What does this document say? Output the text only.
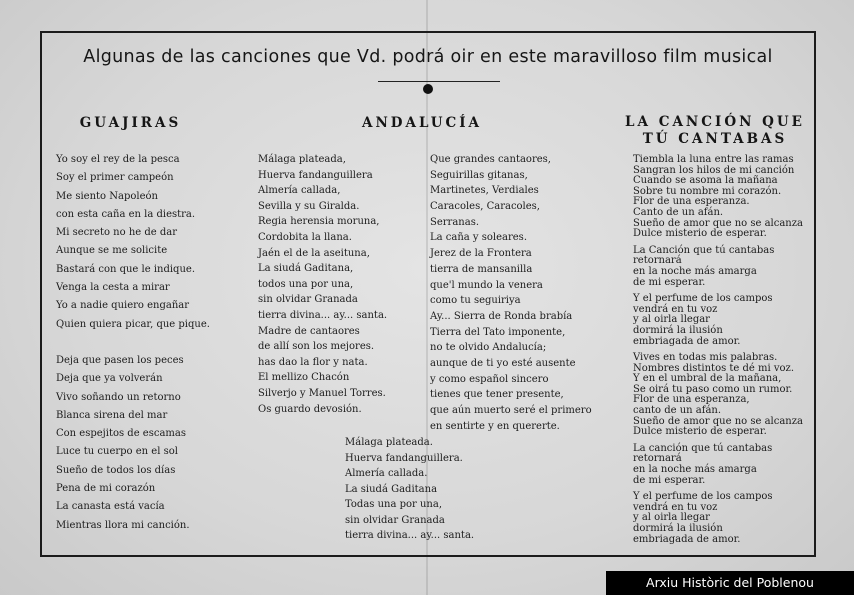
Algunas de las canciones que Vd. podrá oir en este maravilloso film musical
GUAJIRAS	ANDALUCÍA	LA CANCIÓN QUE
TÚ CANTABAS
Yo soy el rey de la pesca
Soy el primer campeón
Me siento Napoleón
con esta caña en la diestra.
Mi secreto no he de dar
Aunque se me solicite
Bastará con que le indique.
Venga la cesta a mirar
Yo a nadie quiero engañar
Quien quiera picar, que pique.
Deja que pasen los peces
Deja que ya volverán
Vivo soñando un retorno
Blanca sirena del mar
Con espejitos de escamas
Luce tu cuerpo en el sol
Sueño de todos los días
Pena de mi corazón
La canasta está vacía
Mientras llora mi canción.
Málaga plateada,
Huerva fandanguillera
Almería callada,
Sevilla y su Giralda.
Regia herensia moruna,
Cordobita la llana.
Jaén el de la aseituna,
La siudá Gaditana,
todos una por una,
sin olvidar Granada
tierra divina... ay... santa.
Madre de cantaores
de allí son los mejores.
has dao la flor y nata.
El mellizo Chacón
Silverjo y Manuel Torres.
Os guardo devosión.
Que grandes cantaores,
Seguirillas gitanas,
Martinetes, Verdiales
Caracoles, Caracoles,
Serranas.
La caña y soleares.
Jerez de la Frontera
tierra de mansanilla
que'l mundo la venera
como tu seguiriya
Ay... Sierra de Ronda brabía
Tierra del Tato imponente,
no te olvido Andalucía;
aunque de ti yo esté ausente
y como español sincero
tienes que tener presente,
que aún muerto seré el primero
en sentirte y en quererte.
Málaga plateada.
Huerva fandanguillera.
Almería callada.
La siudá Gaditana
Todas una por una,
sin olvidar Granada
tierra divina... ay... santa.
Tiembla la luna entre las ramas
Sangran los hilos de mi canción
Cuando se asoma la mañana
Sobre tu nombre mi corazón.
Flor de una esperanza.
Canto de un afán.
Sueño de amor que no se alcanza
Dulce misterio de esperar.
La Canción que tú cantabas
retornará
en la noche más amarga
de mi esperar.
Y el perfume de los campos
vendrá en tu voz
y al oirla llegar
dormirá la ilusión
embriagada de amor.
Vives en todas mis palabras.
Nombres distintos te dé mi voz.
Y en el umbral de la mañana,
Se oirá tu paso como un rumor.
Flor de una esperanza,
canto de un afán.
Sueño de amor que no se alcanza
Dulce misterio de esperar.
La canción que tú cantabas
retornará
en la noche más amarga
de mi esperar.
Y el perfume de los campos
vendrá en tu voz
y al oirla llegar
dormirá la ilusión
embriagada de amor.
Arxiu Històric del Poblenou
